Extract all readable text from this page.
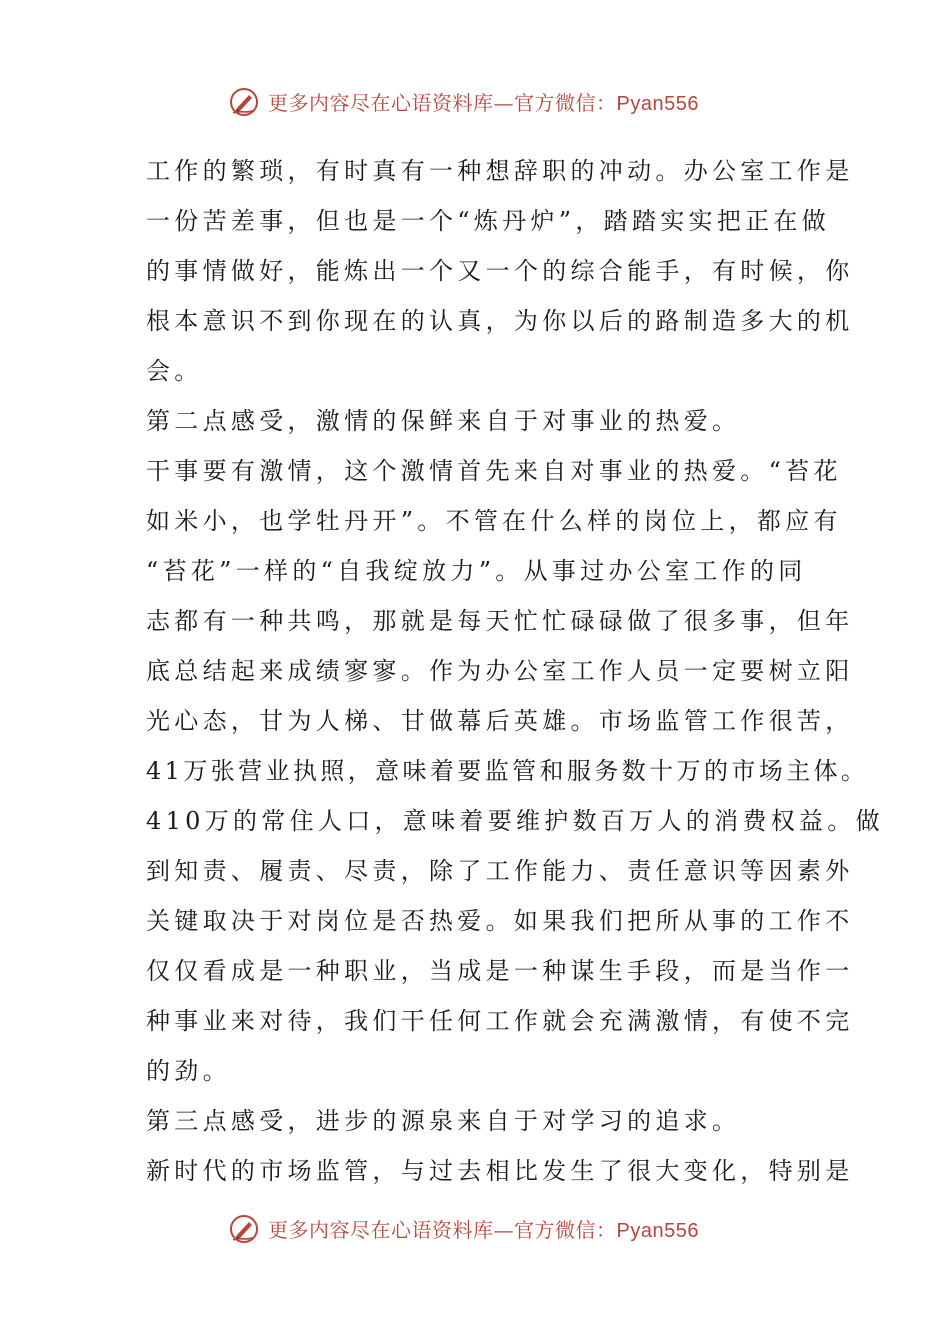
更多内容尽在心语资料库—官方微信：Pyan556
工作的繁琐，有时真有一种想辞职的冲动。办公室工作是
一份苦差事，但也是一个“炼丹炉”，踏踏实实把正在做
的事情做好，能炼出一个又一个的综合能手，有时候，你
根本意识不到你现在的认真，为你以后的路制造多大的机
会。
第二点感受，激情的保鲜来自于对事业的热爱。
干事要有激情，这个激情首先来自对事业的热爱。“苔花
如米小，也学牡丹开”。不管在什么样的岗位上，都应有
“苔花”一样的“自我绽放力”。从事过办公室工作的同
志都有一种共鸣，那就是每天忙忙碌碌做了很多事，但年
底总结起来成绩寥寥。作为办公室工作人员一定要树立阳
光心态，甘为人梯、甘做幕后英雄。市场监管工作很苦，
41万张营业执照，意味着要监管和服务数十万的市场主体。
410万的常住人口，意味着要维护数百万人的消费权益。做
到知责、履责、尽责，除了工作能力、责任意识等因素外
关键取决于对岗位是否热爱。如果我们把所从事的工作不
仅仅看成是一种职业，当成是一种谋生手段，而是当作一
种事业来对待，我们干任何工作就会充满激情，有使不完
的劲。
第三点感受，进步的源泉来自于对学习的追求。
新时代的市场监管，与过去相比发生了很大变化，特别是
更多内容尽在心语资料库—官方微信：Pyan556
